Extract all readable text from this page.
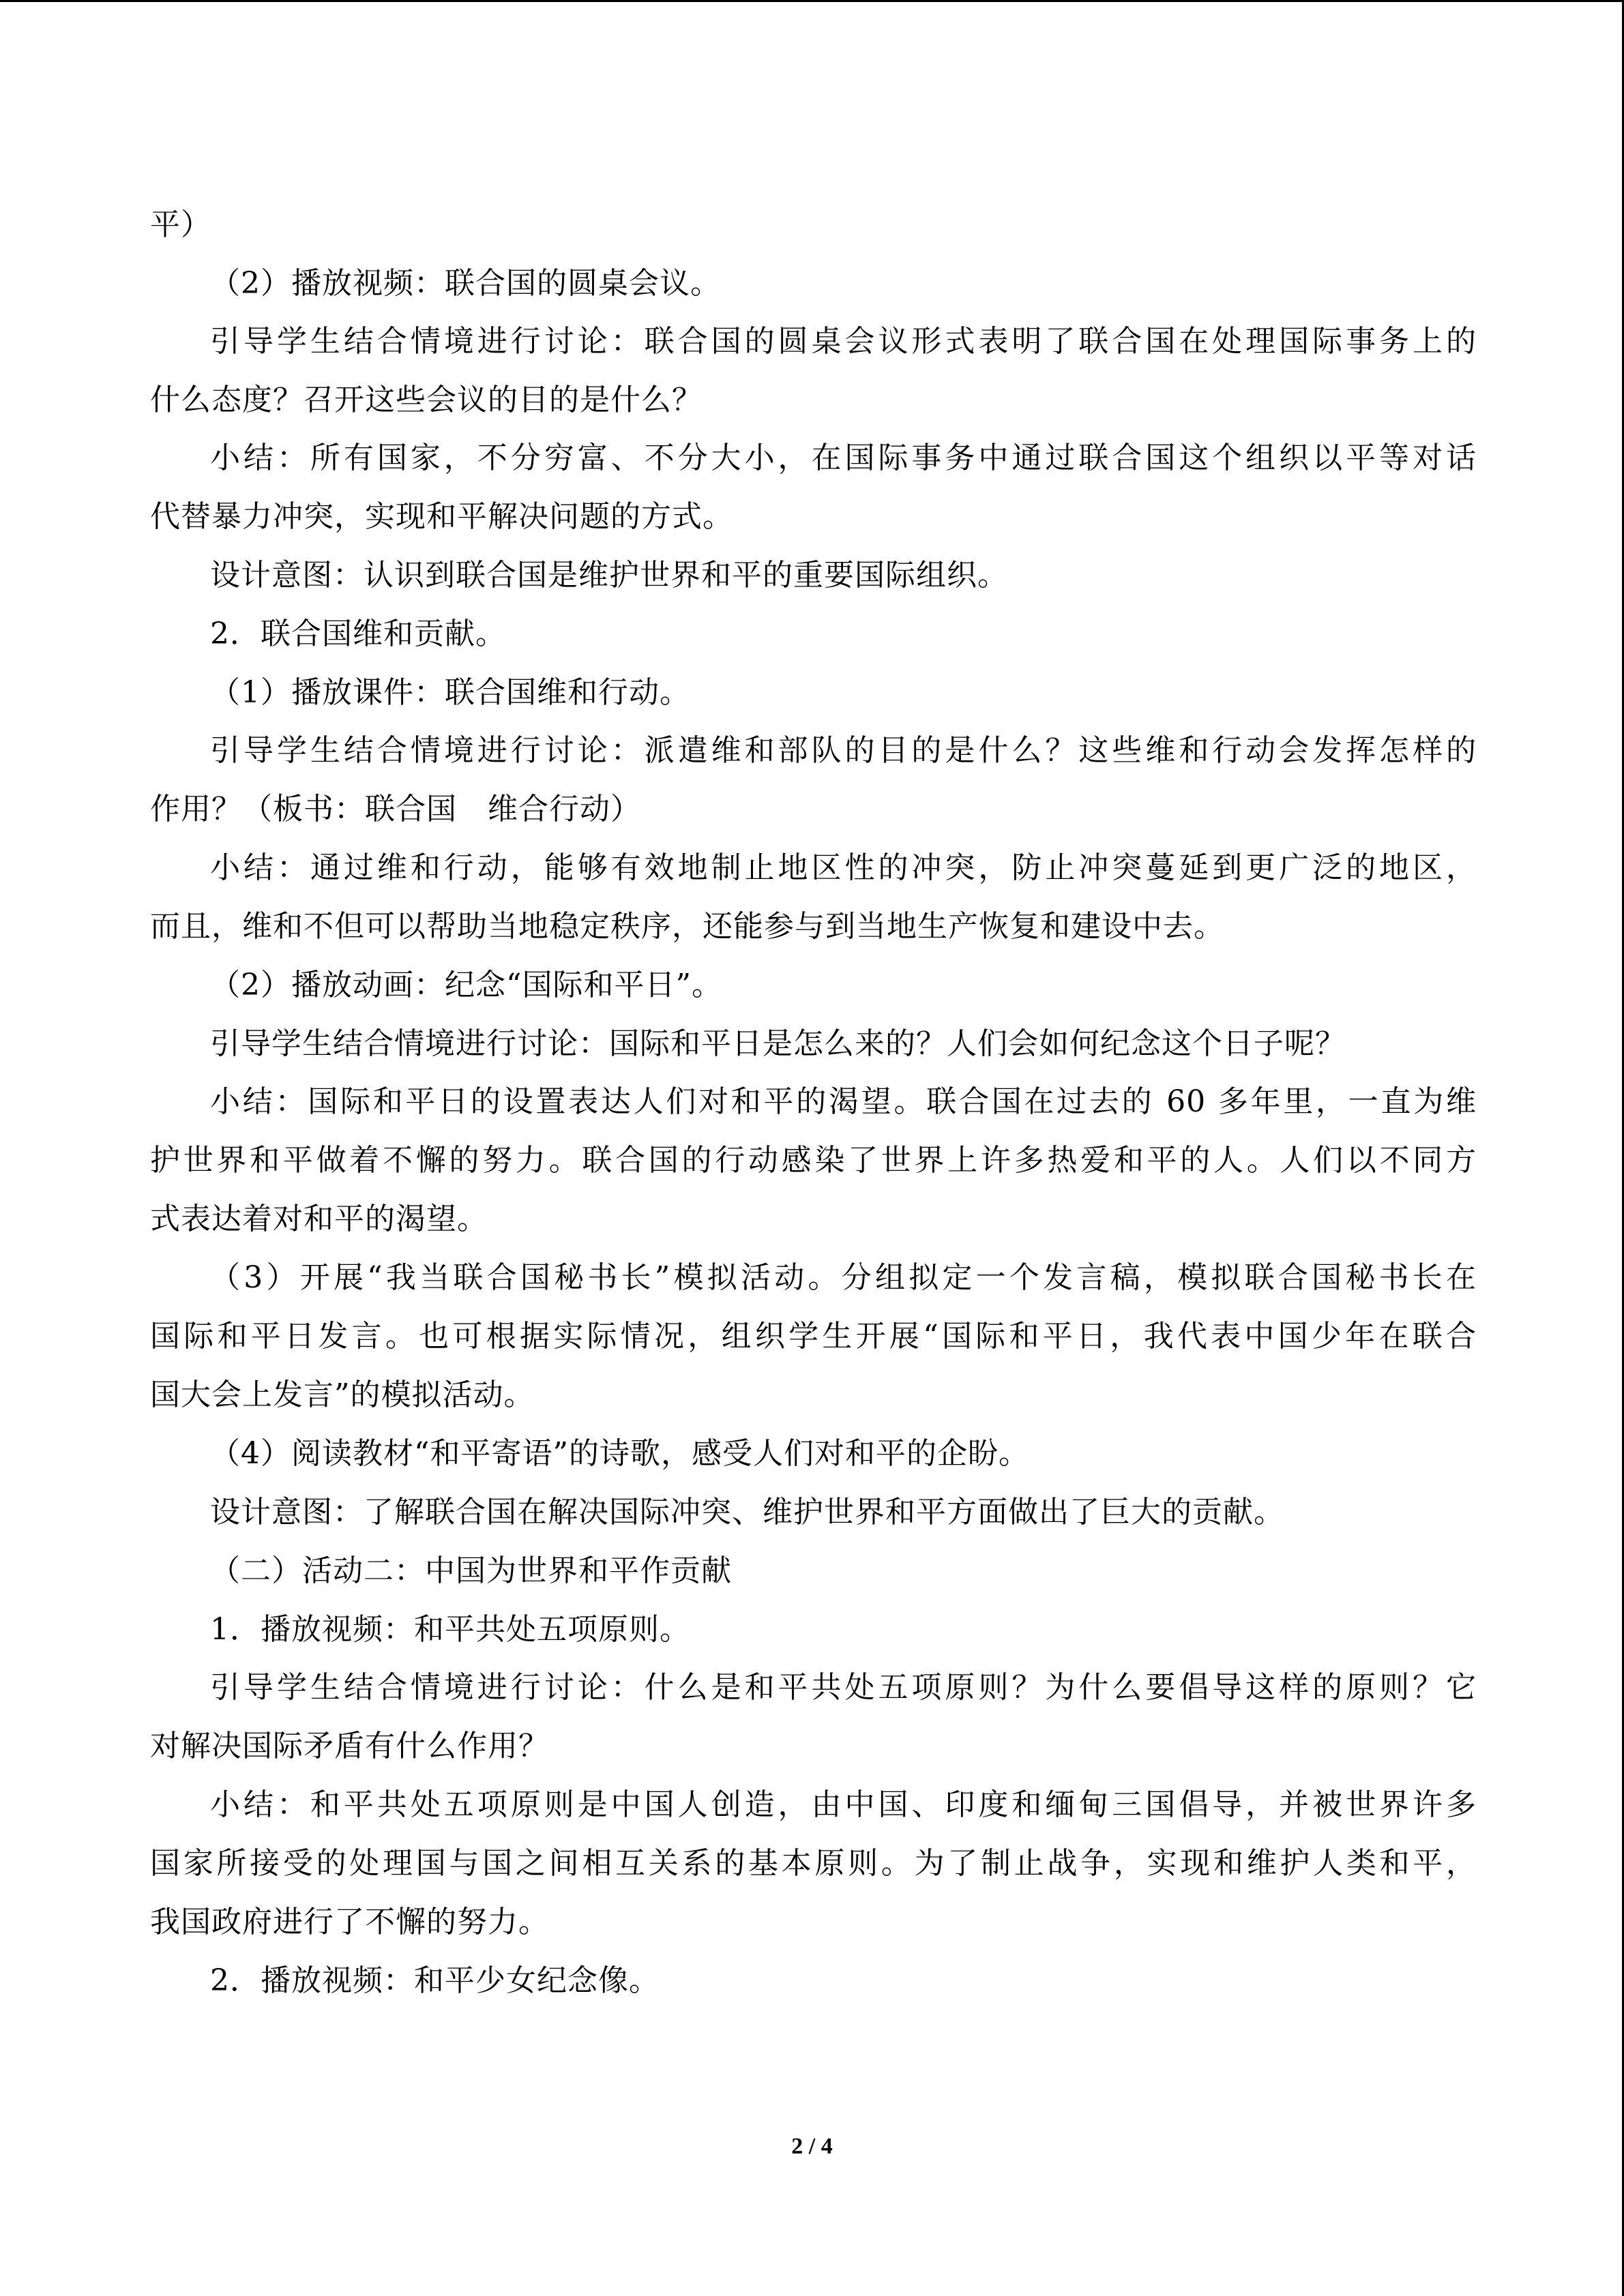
平）
（2）播放视频：联合国的圆桌会议。
引导学生结合情境进行讨论：联合国的圆桌会议形式表明了联合国在处理国际事务上的
什么态度？召开这些会议的目的是什么？
小结：所有国家，不分穷富、不分大小，在国际事务中通过联合国这个组织以平等对话
代替暴力冲突，实现和平解决问题的方式。
设计意图：认识到联合国是维护世界和平的重要国际组织。
2．联合国维和贡献。
（1）播放课件：联合国维和行动。
引导学生结合情境进行讨论：派遣维和部队的目的是什么？这些维和行动会发挥怎样的
作用？（板书：联合国　维合行动）
小结：通过维和行动，能够有效地制止地区性的冲突，防止冲突蔓延到更广泛的地区，
而且，维和不但可以帮助当地稳定秩序，还能参与到当地生产恢复和建设中去。
（2）播放动画：纪念“国际和平日”。
引导学生结合情境进行讨论：国际和平日是怎么来的？人们会如何纪念这个日子呢？
小结：国际和平日的设置表达人们对和平的渴望。联合国在过去的 60 多年里，一直为维
护世界和平做着不懈的努力。联合国的行动感染了世界上许多热爱和平的人。人们以不同方
式表达着对和平的渴望。
（3）开展“我当联合国秘书长”模拟活动。分组拟定一个发言稿，模拟联合国秘书长在
国际和平日发言。也可根据实际情况，组织学生开展“国际和平日，我代表中国少年在联合
国大会上发言”的模拟活动。
（4）阅读教材“和平寄语”的诗歌，感受人们对和平的企盼。
设计意图：了解联合国在解决国际冲突、维护世界和平方面做出了巨大的贡献。
（二）活动二：中国为世界和平作贡献
1．播放视频：和平共处五项原则。
引导学生结合情境进行讨论：什么是和平共处五项原则？为什么要倡导这样的原则？它
对解决国际矛盾有什么作用？
小结：和平共处五项原则是中国人创造，由中国、印度和缅甸三国倡导，并被世界许多
国家所接受的处理国与国之间相互关系的基本原则。为了制止战争，实现和维护人类和平，
我国政府进行了不懈的努力。
2．播放视频：和平少女纪念像。
2 / 4
